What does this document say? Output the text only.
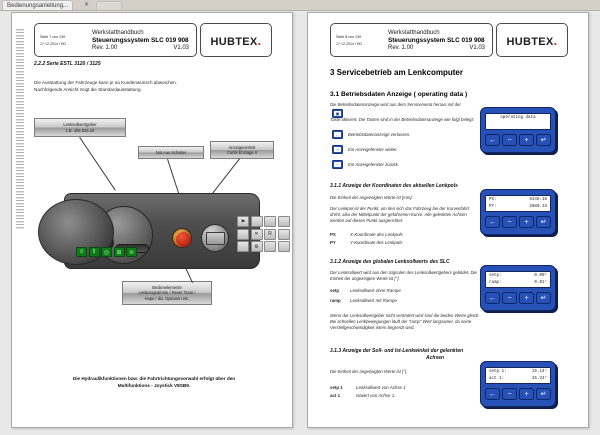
Bedienungsanleitung...	✕
Seite 7 von 139
17.12.2014 / KD
Werkstatthandbuch
Steuerungssystem SLC 019 908
Rev. 1.00	V1.03 HUBTEX.
2.2.2 Serie ESTL 3120 / 3125
Die Ausstattung der Fahrzeuge kann je na Kundenwunsch abweichen.
Nachfolgende Ansicht zeigt die Standardausstattung.
Lenksollwertgeber
z.B. 406 825 10
Not Aus Schalter
Anzeigeeinheit
Curtis EnGage II
Bedienelemente
Lenkprogramme / Reset Taste /
Hupe / div. Optionen etc.
⚑
✕	R
⚙
≡	‖	◎	⊞	≋
Die Hydraulikfunktionen bzw. die Fahrtrichtungsvorwahl erfolgt über den
Multifunktions - Joystick V8SB9.
Seite 8 von 139
17.12.2014 / KD
Werkstatthandbuch
Steuerungssystem SLC 019 908
Rev. 1.00	V1.03 HUBTEX.
3 Servicebetrieb am Lenkcomputer
3.1 Betriebsdaten Anzeige ( operating data )
Die Betriebsdatenanzeige wird aus dem Servicemenü heraus mit der
▣
Taste aktiviert. Die Tasten sind in der Betriebsdatenanzeige wie folgt belegt:
←	Betriebsdatenanzeige verlassen.
+	Ein Anzeigefenster weiter.
−	Ein Anzeigefenster zurück.
operating data
← − + ↵
3.1.1 Anzeige der Koordinaten des aktuellen Lenkpols
Die Einheit der angezeigten Werte ist [mm].
Der Lenkpol ist der Punkt, um den sich das Fahrzeug bei der Kurvenfahrt dreht, also der Mittelpunkt der gefahrenen Kurve. Alle gelenkten Achsen werden auf diesen Punkt ausgerichtet.
PX	X-Koordinate des Lenkpols
PY	Y-Koordinate des Lenkpols
PX:	5449.16
PY:	2880.33
← − + ↵
3.1.2 Anzeige des globalen Lenksollwerts des SLC
Der Lenksollwert wird aus den Signalen des Lenksollwertgebers gebildet. Die Einheit der angezeigten Werte ist [°].
setp Lenksollwert ohne Rampe
ramp Lenksollwert mit Rampe
Wenn der Lenksollwertgeber nicht verändert wird sind die beiden Werte gleich. Bei schnellen Lenkbewegungen läuft der "ramp" Wert langsamer, da seine Verstellgeschwindigkeit intern begrenzt wird.
setp:	0.00°
ramp:	0.01°
← − + ↵
3.1.3 Anzeige der Soll- und Ist-Lenkwinkel der gelenkten
Achsen
Die Einheit der angezeigten Werte ist [°].
setp 1	Lenksollwert von Achse 1
act 1	Istwert von Achse 1.
setp 1:	15.14°
act 1:	15.24°
← − + ↵
